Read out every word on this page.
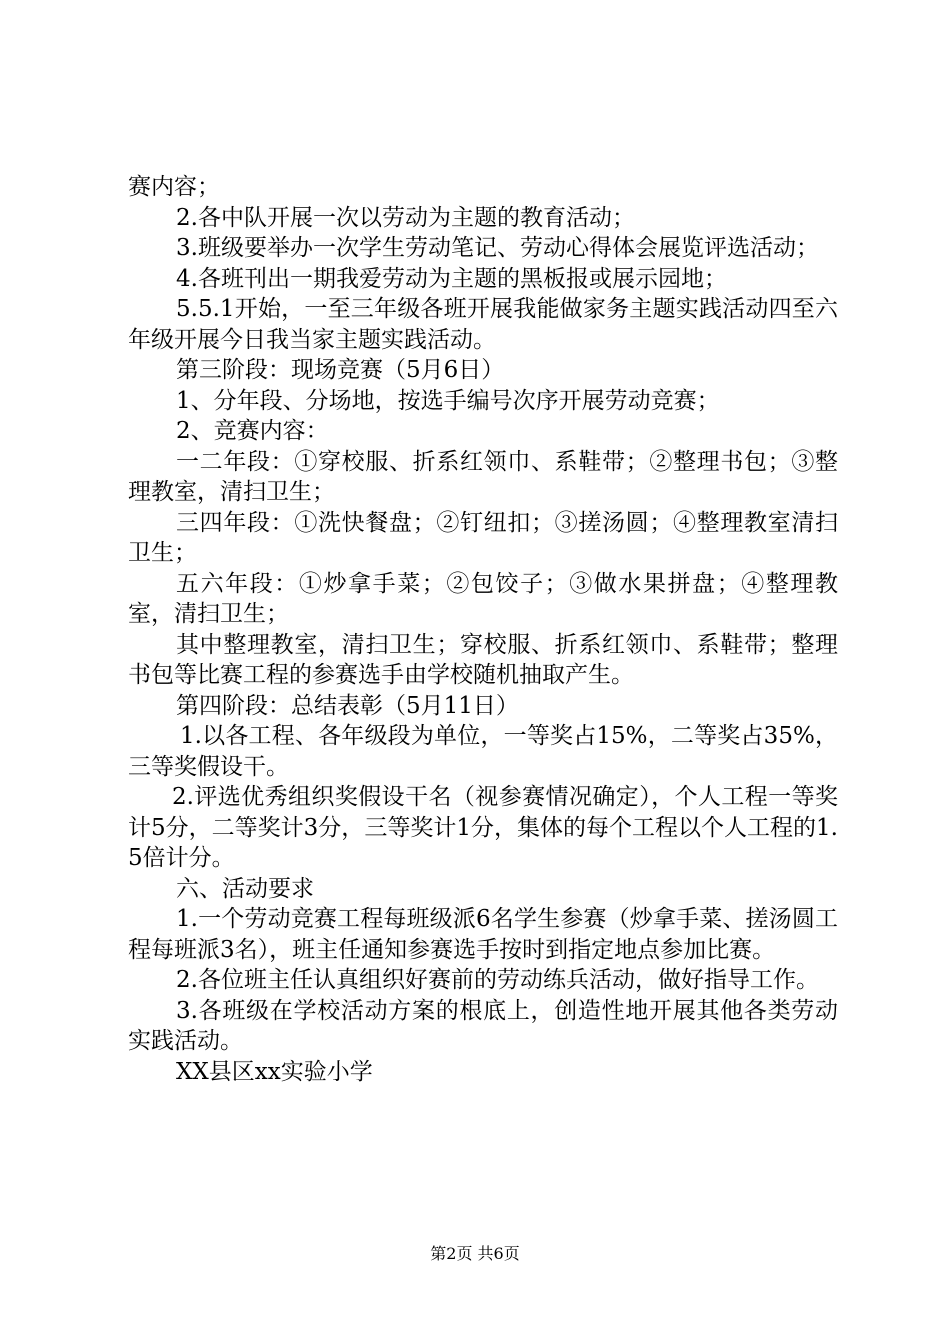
赛内容；

2.各中队开展一次以劳动为主题的教育活动；

3.班级要举办一次学生劳动笔记、劳动心得体会展览评选活动；

4.各班刊出一期我爱劳动为主题的黑板报或展示园地；

5.5.1开始，一至三年级各班开展我能做家务主题实践活动四至六年级开展今日我当家主题实践活动。

第三阶段：现场竞赛（5月6日）

1、分年段、分场地，按选手编号次序开展劳动竞赛；

2、竞赛内容：

一二年段：①穿校服、折系红领巾、系鞋带；②整理书包；③整理教室，清扫卫生；

三四年段：①洗快餐盘；②钉纽扣；③搓汤圆；④整理教室清扫卫生；

五六年段：①炒拿手菜；②包饺子；③做水果拼盘；④整理教室，清扫卫生；

其中整理教室，清扫卫生；穿校服、折系红领巾、系鞋带；整理书包等比赛工程的参赛选手由学校随机抽取产生。

第四阶段：总结表彰（5月11日）

1.以各工程、各年级段为单位，一等奖占15%，二等奖占35%，三等奖假设干。

2.评选优秀组织奖假设干名（视参赛情况确定），个人工程一等奖计5分，二等奖计3分，三等奖计1分，集体的每个工程以个人工程的1.5倍计分。

六、活动要求

1.一个劳动竞赛工程每班级派6名学生参赛（炒拿手菜、搓汤圆工程每班派3名），班主任通知参赛选手按时到指定地点参加比赛。

2.各位班主任认真组织好赛前的劳动练兵活动，做好指导工作。

3.各班级在学校活动方案的根底上，创造性地开展其他各类劳动实践活动。

XX县区xx实验小学

第2页 共6页
